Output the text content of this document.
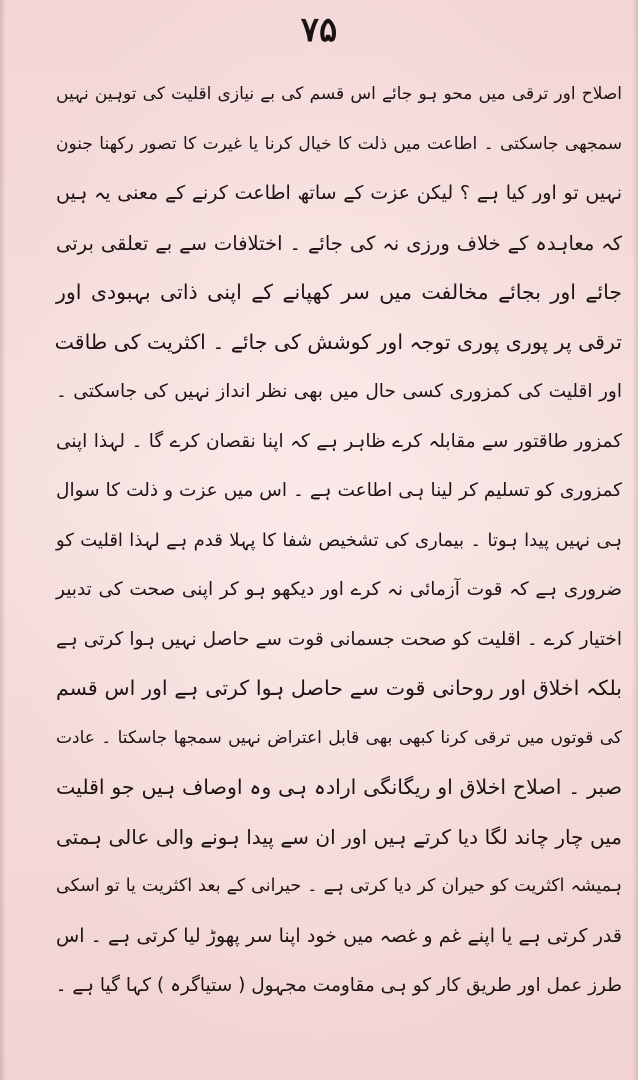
۷۵
اصلاح اور ترقی میں محو ہو جائے اس قسم کی بے نیازی اقلیت کی توہین نہیں
سمجھی جاسکتی ۔ اطاعت میں ذلت کا خیال کرنا یا غیرت کا تصور رکھنا جنون
نہیں تو اور کیا ہے ؟ لیکن عزت کے ساتھ اطاعت کرنے کے معنی یہ ہیں
کہ معاہدہ کے خلاف ورزی نہ کی جائے ۔ اختلافات سے بے تعلقی برتی
جائے اور بجائے مخالفت میں سر کھپانے کے اپنی ذاتی بہبودی اور
ترقی پر پوری پوری توجہ اور کوشش کی جائے ۔ اکثریت کی طاقت
اور اقلیت کی کمزوری کسی حال میں بھی نظر انداز نہیں کی جاسکتی ۔
کمزور طاقتور سے مقابلہ کرے ظاہر ہے کہ اپنا نقصان کرے گا ۔ لہذا اپنی
کمزوری کو تسلیم کر لینا ہی اطاعت ہے ۔ اس میں عزت و ذلت کا سوال
ہی نہیں پیدا ہوتا ۔ بیماری کی تشخیص شفا کا پہلا قدم ہے لہذا اقلیت کو
ضروری ہے کہ قوت آزمائی نہ کرے اور دیکھو ہو کر اپنی صحت کی تدبیر
اختیار کرے ۔ اقلیت کو صحت جسمانی قوت سے حاصل نہیں ہوا کرتی ہے
بلکہ اخلاق اور روحانی قوت سے حاصل ہوا کرتی ہے اور اس قسم
کی قوتوں میں ترقی کرنا کبھی بھی قابل اعتراض نہیں سمجھا جاسکتا ۔ عادت
صبر ۔ اصلاح اخلاق او ریگانگی ارادہ ہی وہ اوصاف ہیں جو اقلیت
میں چار چاند لگا دیا کرتے ہیں اور ان سے پیدا ہونے والی عالی ہمتی
ہمیشہ اکثریت کو حیران کر دیا کرتی ہے ۔ حیرانی کے بعد اکثریت یا تو اسکی
قدر کرتی ہے یا اپنے غم و غصہ میں خود اپنا سر پھوڑ لیا کرتی ہے ۔ اس
طرز عمل اور طریق کار کو ہی مقاومت مجہول ( ستیاگرہ ) کہا گیا ہے ۔
